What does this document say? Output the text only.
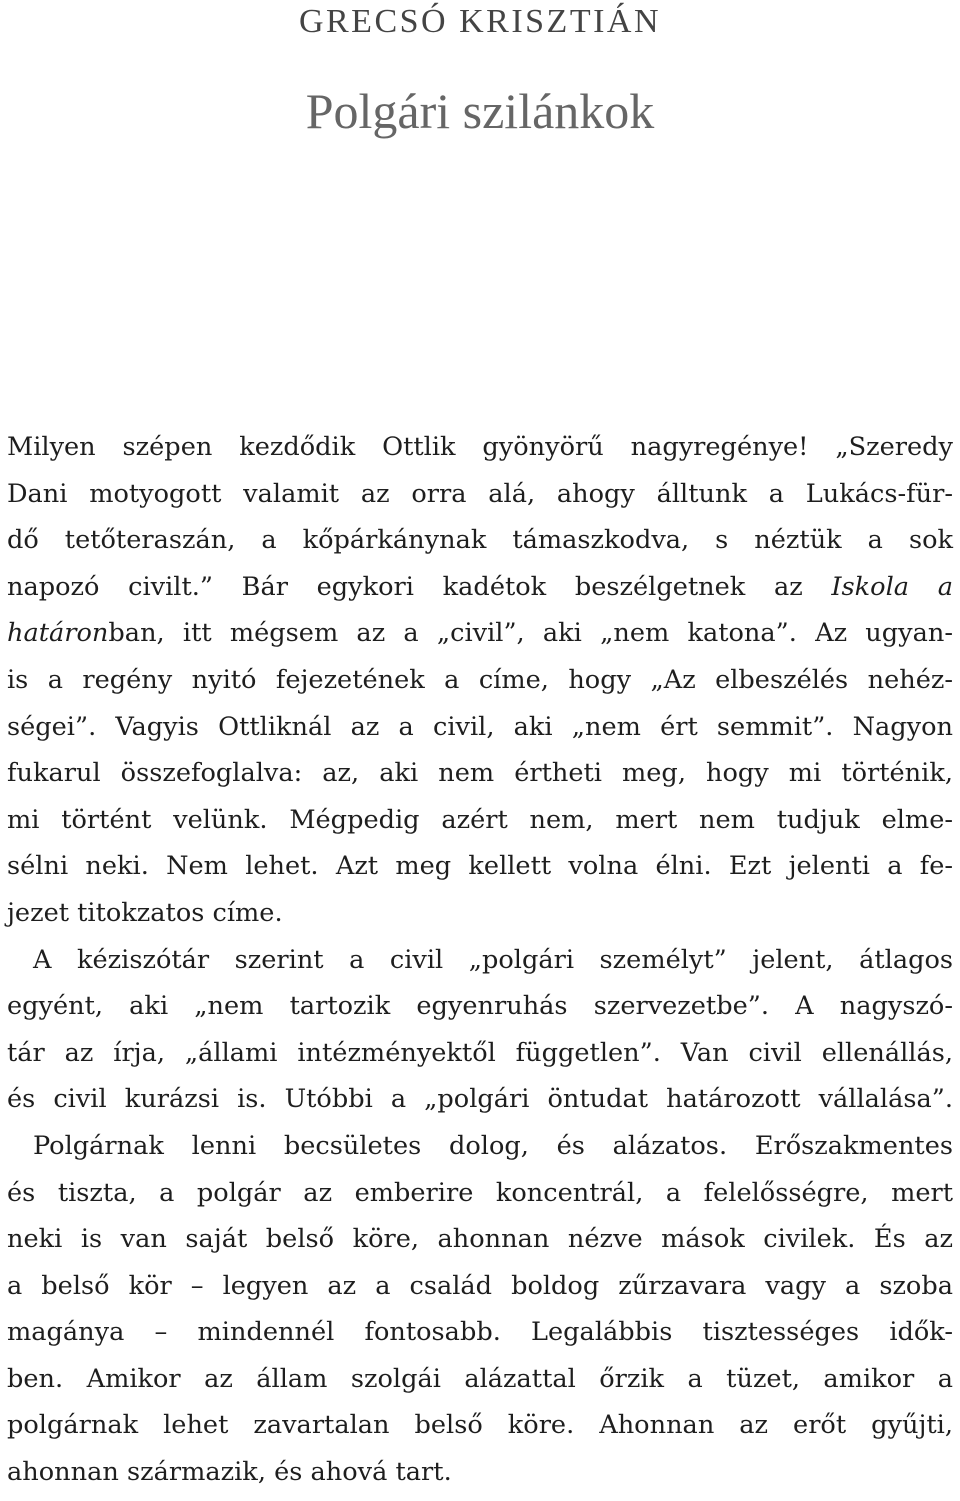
GRECSÓ KRISZTIÁN
Polgári szilánkok
Milyen szépen kezdődik Ottlik gyönyörű nagyregénye! „Szeredy
Dani motyogott valamit az orra alá, ahogy álltunk a Lukács-für-
dő tetőteraszán, a kőpárkánynak támaszkodva, s néztük a sok
napozó civilt.” Bár egykori kadétok beszélgetnek az Iskola a
határonban, itt mégsem az a „civil”, aki „nem katona”. Az ugyan-
is a regény nyitó fejezetének a címe, hogy „Az elbeszélés nehéz-
ségei”. Vagyis Ottliknál az a civil, aki „nem ért semmit”. Nagyon
fukarul összefoglalva: az, aki nem értheti meg, hogy mi történik,
mi történt velünk. Mégpedig azért nem, mert nem tudjuk elme-
sélni neki. Nem lehet. Azt meg kellett volna élni. Ezt jelenti a fe-
jezet titokzatos címe.
A kéziszótár szerint a civil „polgári személyt” jelent, átlagos
egyént, aki „nem tartozik egyenruhás szervezetbe”. A nagyszó-
tár az írja, „állami intézményektől független”. Van civil ellenállás,
és civil kurázsi is. Utóbbi a „polgári öntudat határozott vállalása”.
Polgárnak lenni becsületes dolog, és alázatos. Erőszakmentes
és tiszta, a polgár az emberire koncentrál, a felelősségre, mert
neki is van saját belső köre, ahonnan nézve mások civilek. És az
a belső kör – legyen az a család boldog zűrzavara vagy a szoba
magánya – mindennél fontosabb. Legalábbis tisztességes idők-
ben. Amikor az állam szolgái alázattal őrzik a tüzet, amikor a
polgárnak lehet zavartalan belső köre. Ahonnan az erőt gyűjti,
ahonnan származik, és ahová tart.
